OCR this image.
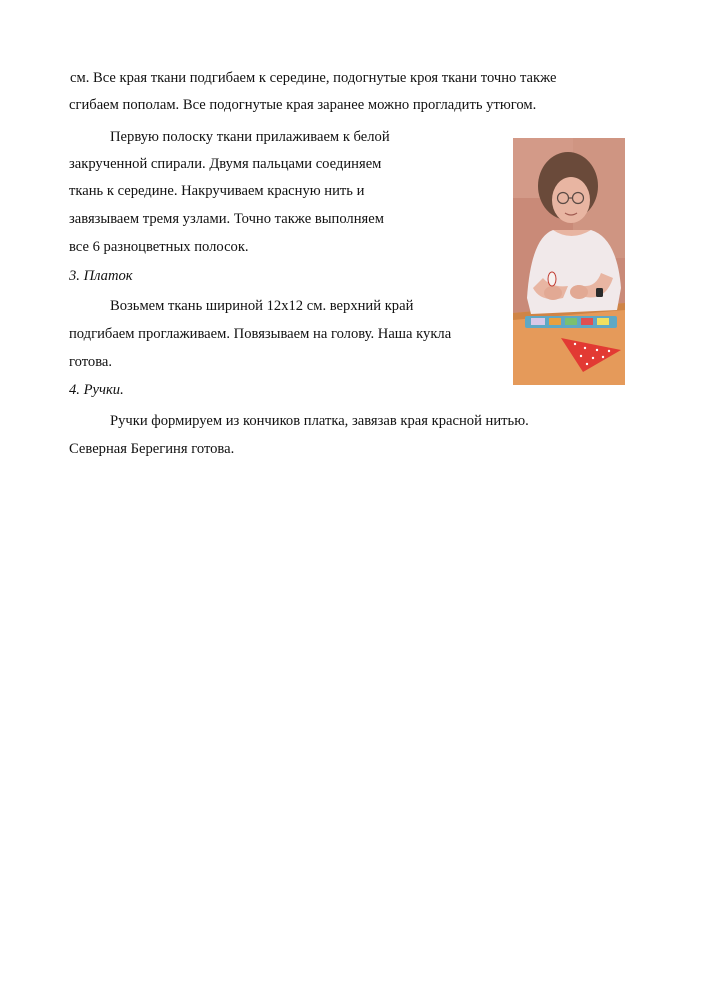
см. Все края ткани подгибаем к середине, подогнутые кроя ткани точно также
сгибаем пополам. Все подогнутые края заранее можно прогладить утюгом.
Первую полоску ткани прилаживаем к белой
закрученной спирали. Двумя пальцами соединяем
ткань к середине. Накручиваем красную нить и
завязываем тремя узлами. Точно также выполняем
все 6 разноцветных полосок.
3. Платок
Возьмем ткань шириной 12х12 см. верхний край
подгибаем проглаживаем. Повязываем на голову. Наша кукла
готова.
4. Ручки.
Ручки формируем из кончиков платка, завязав края красной нитью.
Северная Берегиня готова.
